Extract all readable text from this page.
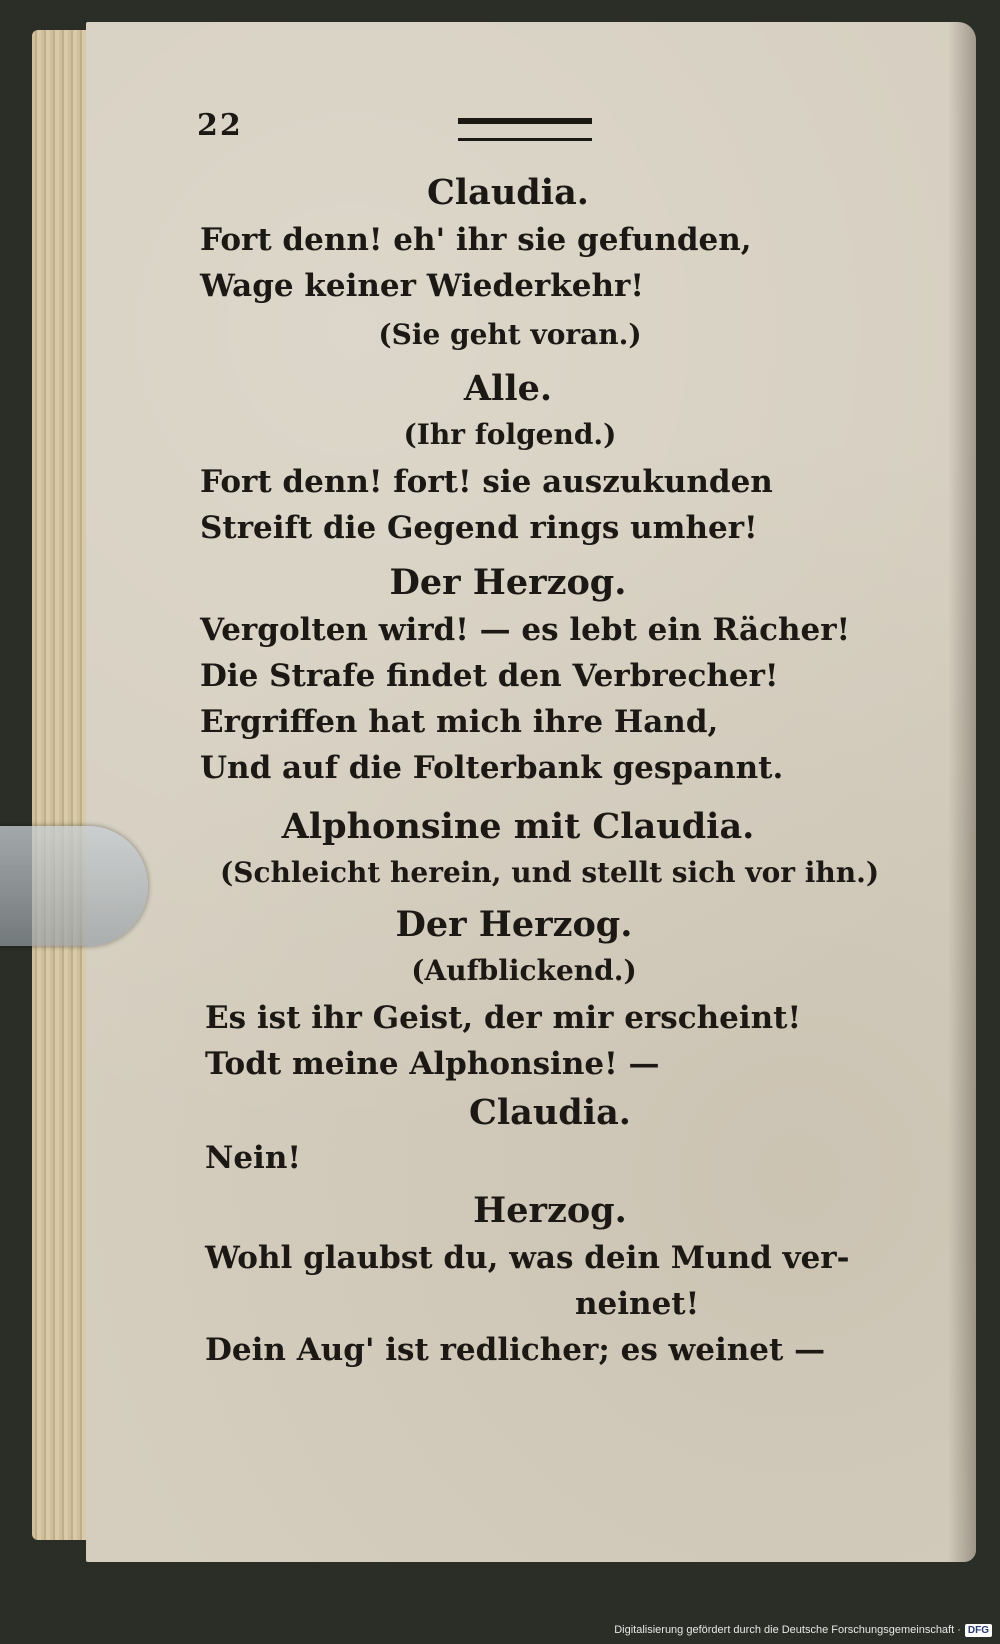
22
Claudia.
Fort denn! eh' ihr sie gefunden,
Wage keiner Wiederkehr!
(Sie geht voran.)
Alle.
(Ihr folgend.)
Fort denn! fort! sie auszukunden
Streift die Gegend rings umher!
Der Herzog.
Vergolten wird! — es lebt ein Rächer!
Die Strafe findet den Verbrecher!
Ergriffen hat mich ihre Hand,
Und auf die Folterbank gespannt.
Alphonsine mit Claudia.
(Schleicht herein, und stellt sich vor ihn.)
Der Herzog.
(Aufblickend.)
Es ist ihr Geist, der mir erscheint!
Todt meine Alphonsine! —
Claudia.
Nein!
Herzog.
Wohl glaubst du, was dein Mund ver-
neinet!
Dein Aug' ist redlicher; es weinet —
Digitalisierung gefördert durch die Deutsche Forschungsgemeinschaft · DFG
